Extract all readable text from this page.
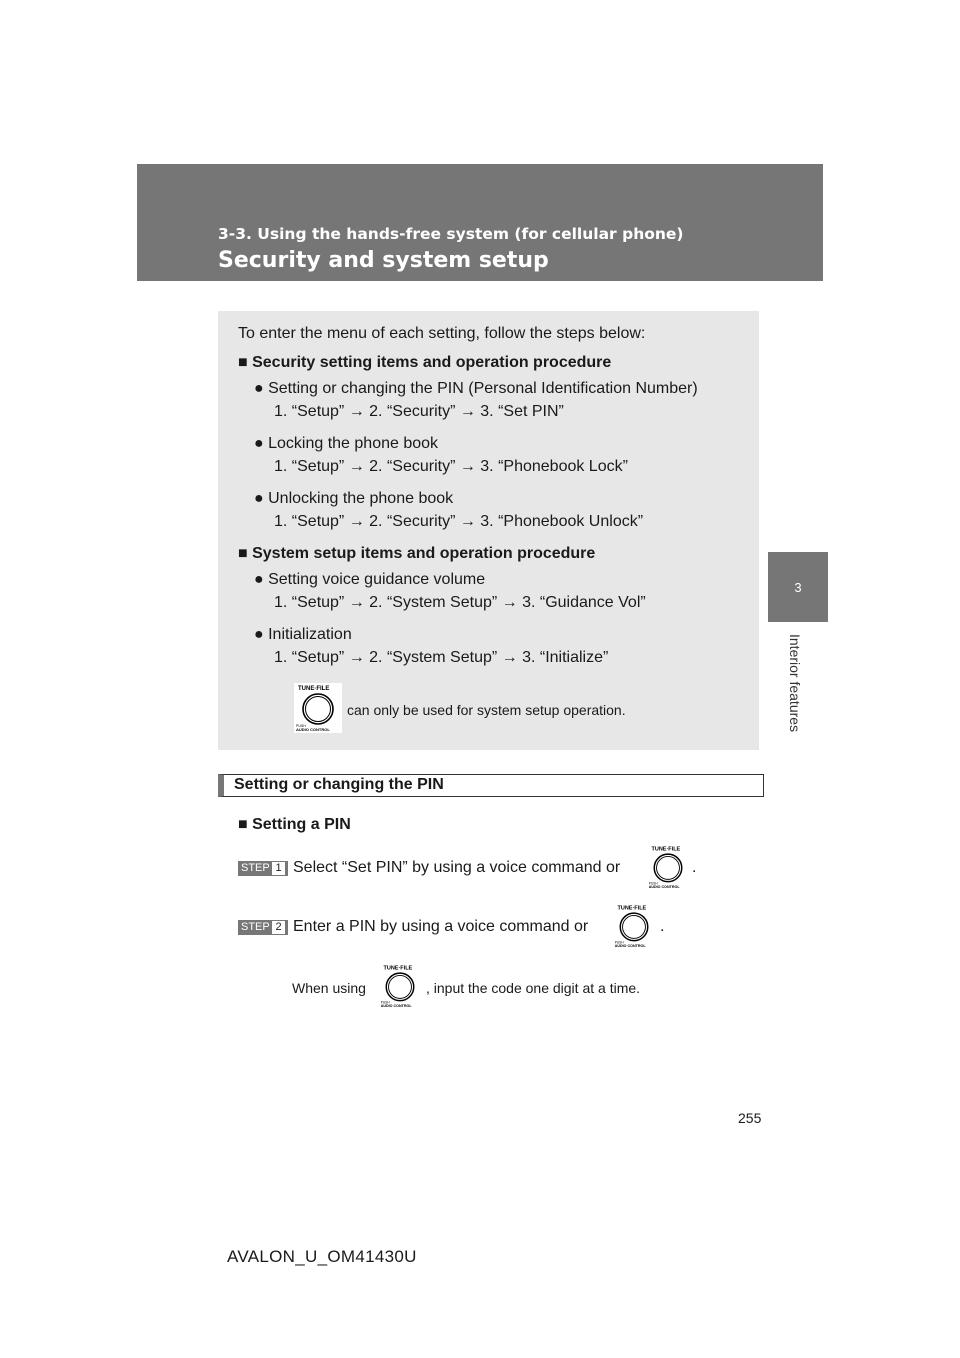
3-3. Using the hands-free system (for cellular phone)
Security and system setup
3
Interior features
To enter the menu of each setting, follow the steps below:
■ Security setting items and operation procedure
● Setting or changing the PIN (Personal Identification Number)
1. “Setup” → 2. “Security” → 3. “Set PIN”
● Locking the phone book
1. “Setup” → 2. “Security” → 3. “Phonebook Lock”
● Unlocking the phone book
1. “Setup” → 2. “Security” → 3. “Phonebook Unlock”
■ System setup items and operation procedure
● Setting voice guidance volume
1. “Setup” → 2. “System Setup” → 3. “Guidance Vol”
● Initialization
1. “Setup” → 2. “System Setup” → 3. “Initialize”
TUNE·FILE
PUSH
AUDIO CONTROL
can only be used for system setup operation.
Setting or changing the PIN
■ Setting a PIN
STEP 1 Select “Set PIN” by using a voice command or
TUNE·FILE
PUSH
AUDIO CONTROL
.
STEP 2 Enter a PIN by using a voice command or
TUNE·FILE
PUSH
AUDIO CONTROL
.
When using
TUNE·FILE
PUSH
AUDIO CONTROL
, input the code one digit at a time.
255
AVALON_U_OM41430U
